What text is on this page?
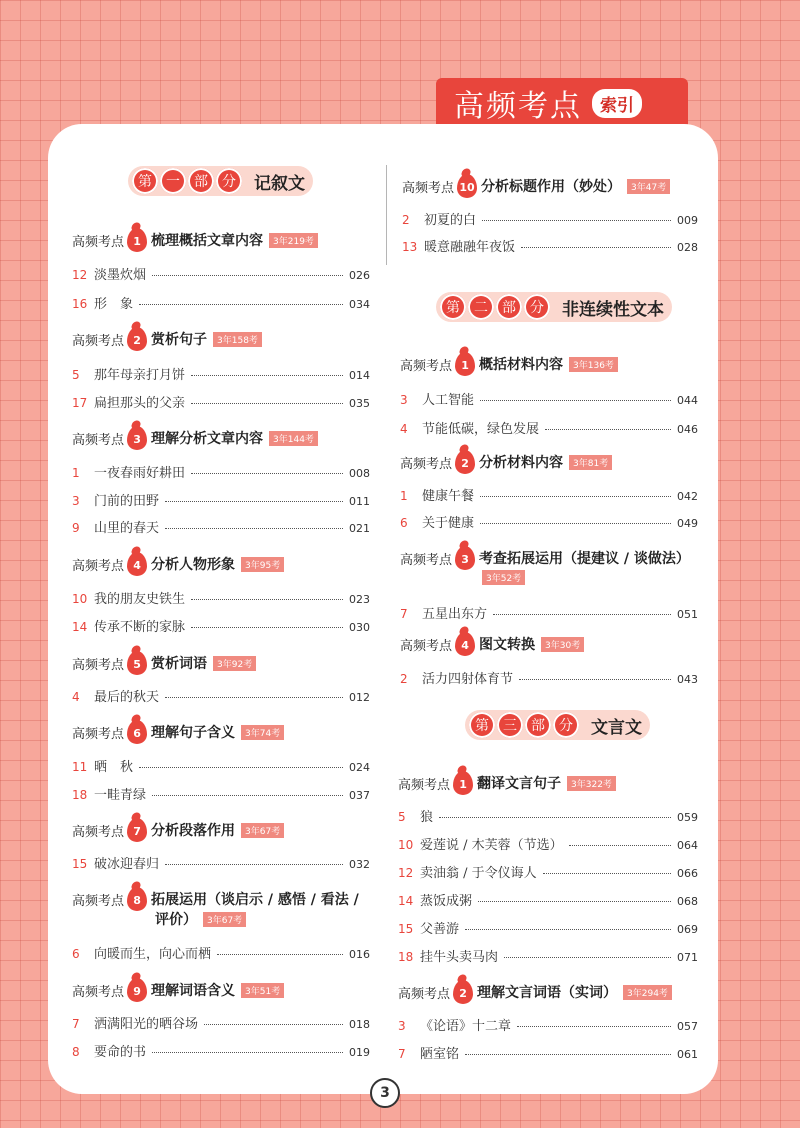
高频考点	索引
第	一	部	分	记叙文
第	二	部	分	非连续性文本
第	三	部	分	文言文
高频考点 1 梳理概括文章内容	3年219考
高频考点 2 赏析句子	3年158考
高频考点 3 理解分析文章内容	3年144考
高频考点 4 分析人物形象	3年95考
高频考点 5 赏析词语	3年92考
高频考点 6 理解句子含义	3年74考
高频考点 7 分析段落作用	3年67考
高频考点 8 拓展运用（谈启示 / 感悟 / 看法 /
评价）	3年67考
高频考点 9 理解词语含义	3年51考
高频考点 10 分析标题作用（妙处）	3年47考
高频考点 1 概括材料内容	3年136考
高频考点 2 分析材料内容	3年81考
高频考点 3 考查拓展运用（提建议 / 谈做法）
3年52考
高频考点 4 图文转换	3年30考
高频考点 1 翻译文言句子	3年322考
高频考点 2 理解文言词语（实词）	3年294考
12 淡墨炊烟	026
16 形　象	034
5	那年母亲打月饼	014
17 扁担那头的父亲	035
1	一夜春雨好耕田	008
3	门前的田野	011
9	山里的春天	021
10 我的朋友史铁生	023
14 传承不断的家脉	030
4	最后的秋天	012
11 晒　秋	024
18 一畦青绿	037
15 破冰迎春归	032
6	向暖而生，向心而栖	016
7	洒满阳光的晒谷场	018
8	要命的书	019
2	初夏的白	009
13 暖意融融年夜饭	028
3	人工智能	044
4	节能低碳，绿色发展	046
1	健康午餐	042
6	关于健康	049
7	五星出东方	051
2	活力四射体育节	043
5	狼	059
10 爱莲说 / 木芙蓉（节选）	064
12 卖油翁 / 于令仪诲人	066
14 蒸饭成粥	068
15 父善游	069
18 挂牛头卖马肉	071
3	《论语》十二章	057
7	陋室铭	061
3
